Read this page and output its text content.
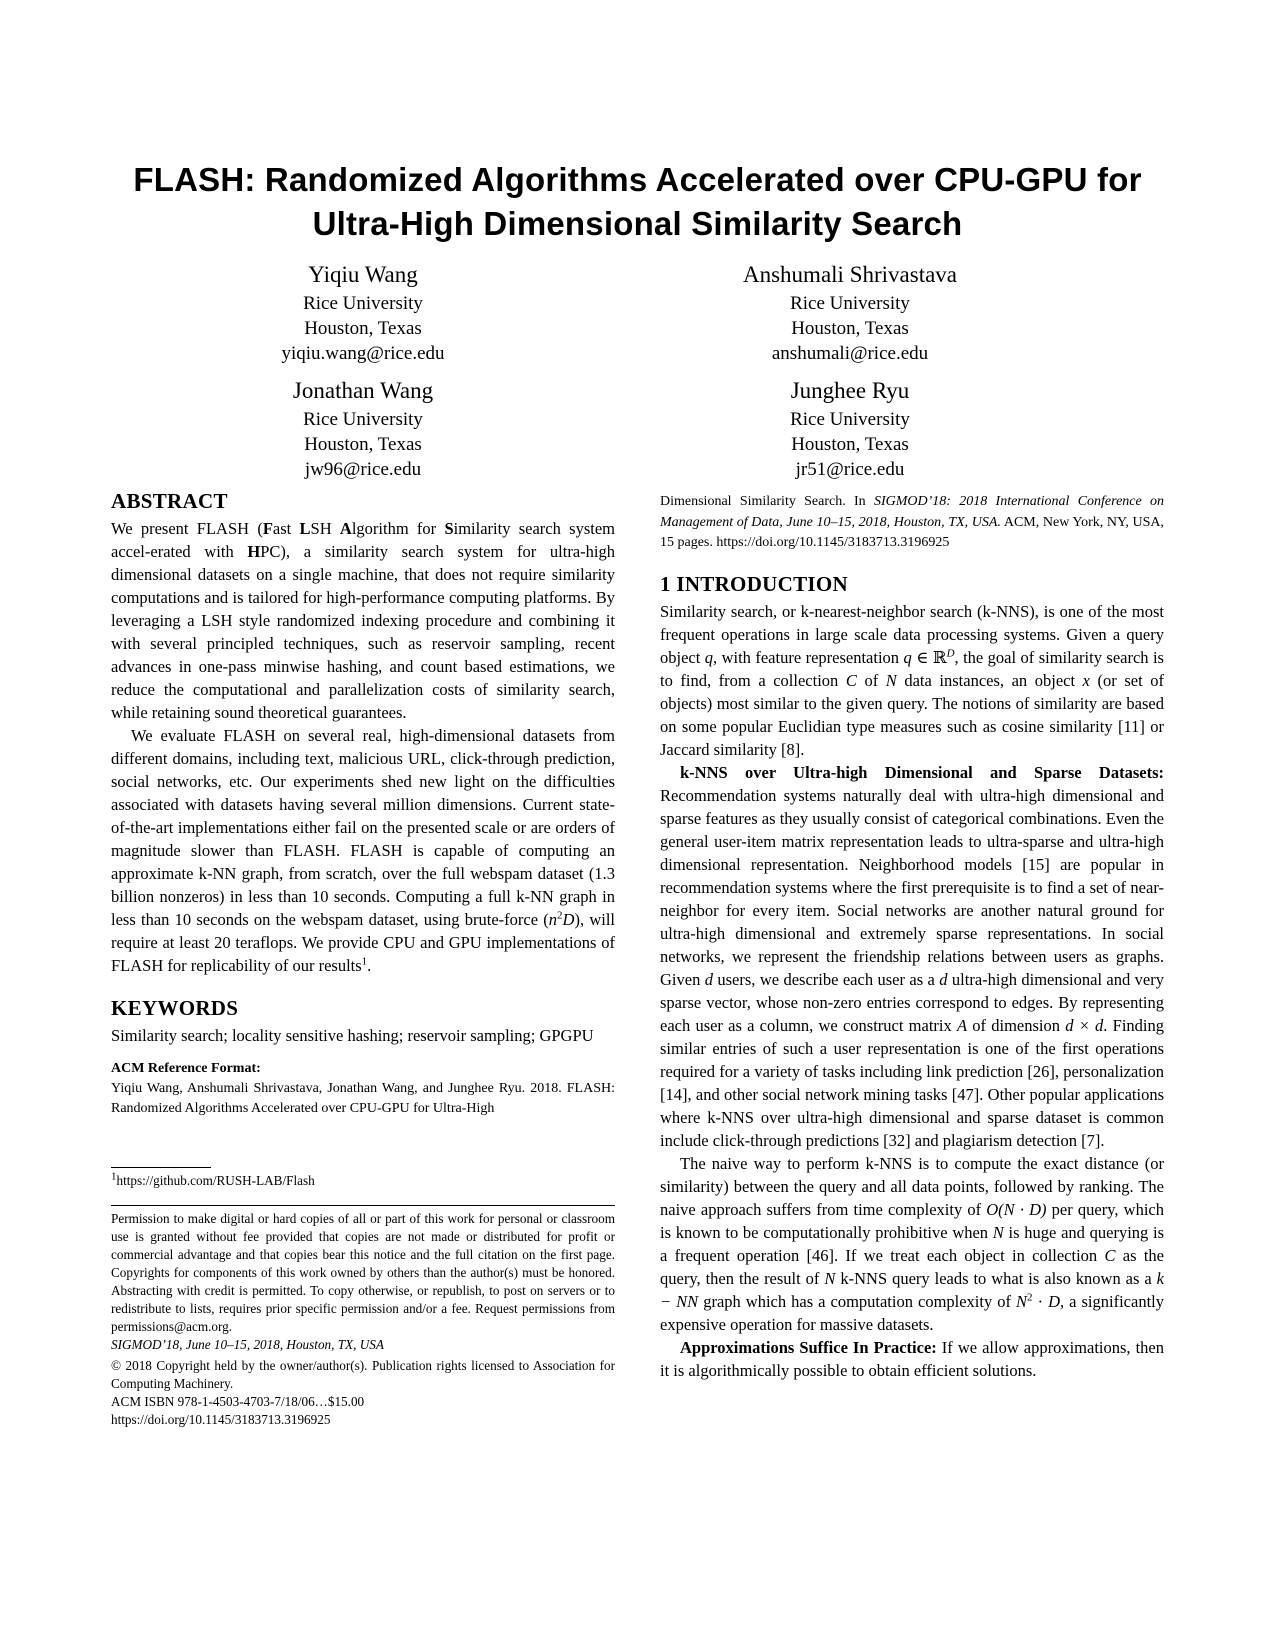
FLASH: Randomized Algorithms Accelerated over CPU-GPU for
Ultra-High Dimensional Similarity Search
Yiqiu Wang
Rice University
Houston, Texas
yiqiu.wang@rice.edu
Anshumali Shrivastava
Rice University
Houston, Texas
anshumali@rice.edu
Jonathan Wang
Rice University
Houston, Texas
jw96@rice.edu
Junghee Ryu
Rice University
Houston, Texas
jr51@rice.edu
ABSTRACT

We present FLASH (Fast LSH Algorithm for Similarity search system accel-erated with HPC), a similarity search system for ultra-high dimensional datasets on a single machine, that does not require similarity computations and is tailored for high-performance computing platforms. By leveraging a LSH style randomized indexing procedure and combining it with several principled techniques, such as reservoir sampling, recent advances in one-pass minwise hashing, and count based estimations, we reduce the computational and parallelization costs of similarity search, while retaining sound theoretical guarantees.

We evaluate FLASH on several real, high-dimensional datasets from different domains, including text, malicious URL, click-through prediction, social networks, etc. Our experiments shed new light on the difficulties associated with datasets having several million dimensions. Current state-of-the-art implementations either fail on the presented scale or are orders of magnitude slower than FLASH. FLASH is capable of computing an approximate k-NN graph, from scratch, over the full webspam dataset (1.3 billion nonzeros) in less than 10 seconds. Computing a full k-NN graph in less than 10 seconds on the webspam dataset, using brute-force $(n^2D)$, will require at least 20 teraflops. We provide CPU and GPU implementations of FLASH for replicability of our results$^1$.

KEYWORDS

Similarity search; locality sensitive hashing; reservoir sampling; GPGPU

ACM Reference Format:

Yiqiu Wang, Anshumali Shrivastava, Jonathan Wang, and Junghee Ryu. 2018. FLASH: Randomized Algorithms Accelerated over CPU-GPU for Ultra-High

$^1$https://github.com/RUSH-LAB/Flash

Permission to make digital or hard copies of all or part of this work for personal or classroom use is granted without fee provided that copies are not made or distributed for profit or commercial advantage and that copies bear this notice and the full citation on the first page. Copyrights for components of this work owned by others than the author(s) must be honored. Abstracting with credit is permitted. To copy otherwise, or republish, to post on servers or to redistribute to lists, requires prior specific permission and/or a fee. Request permissions from permissions@acm.org.

SIGMOD’18, June 10–15, 2018, Houston, TX, USA

© 2018 Copyright held by the owner/author(s). Publication rights licensed to Association for Computing Machinery.

ACM ISBN 978-1-4503-4703-7/18/06…$15.00

https://doi.org/10.1145/3183713.3196925

Dimensional Similarity Search. In SIGMOD’18: 2018 International Conference on Management of Data, June 10–15, 2018, Houston, TX, USA. ACM, New York, NY, USA, 15 pages. https://doi.org/10.1145/3183713.3196925

1 INTRODUCTION

Similarity search, or k-nearest-neighbor search (k-NNS), is one of the most frequent operations in large scale data processing systems. Given a query object q, with feature representation q ∈ ℝ$^D$, the goal of similarity search is to find, from a collection C of N data instances, an object x (or set of objects) most similar to the given query. The notions of similarity are based on some popular Euclidian type measures such as cosine similarity [11] or Jaccard similarity [8].

k-NNS over Ultra-high Dimensional and Sparse Datasets: Recommendation systems naturally deal with ultra-high dimensional and sparse features as they usually consist of categorical combinations. Even the general user-item matrix representation leads to ultra-sparse and ultra-high dimensional representation. Neighborhood models [15] are popular in recommendation systems where the first prerequisite is to find a set of near-neighbor for every item. Social networks are another natural ground for ultra-high dimensional and extremely sparse representations. In social networks, we represent the friendship relations between users as graphs. Given d users, we describe each user as a d ultra-high dimensional and very sparse vector, whose non-zero entries correspond to edges. By representing each user as a column, we construct matrix A of dimension d × d. Finding similar entries of such a user representation is one of the first operations required for a variety of tasks including link prediction [26], personalization [14], and other social network mining tasks [47]. Other popular applications where k-NNS over ultra-high dimensional and sparse dataset is common include click-through predictions [32] and plagiarism detection [7].

The naive way to perform k-NNS is to compute the exact distance (or similarity) between the query and all data points, followed by ranking. The naive approach suffers from time complexity of O(N · D) per query, which is known to be computationally prohibitive when N is huge and querying is a frequent operation [46]. If we treat each object in collection C as the query, then the result of N k-NNS query leads to what is also known as a k − NN graph which has a computation complexity of $N^2 \cdot D$, a significantly expensive operation for massive datasets.

Approximations Suffice In Practice: If we allow approximations, then it is algorithmically possible to obtain efficient solutions.
